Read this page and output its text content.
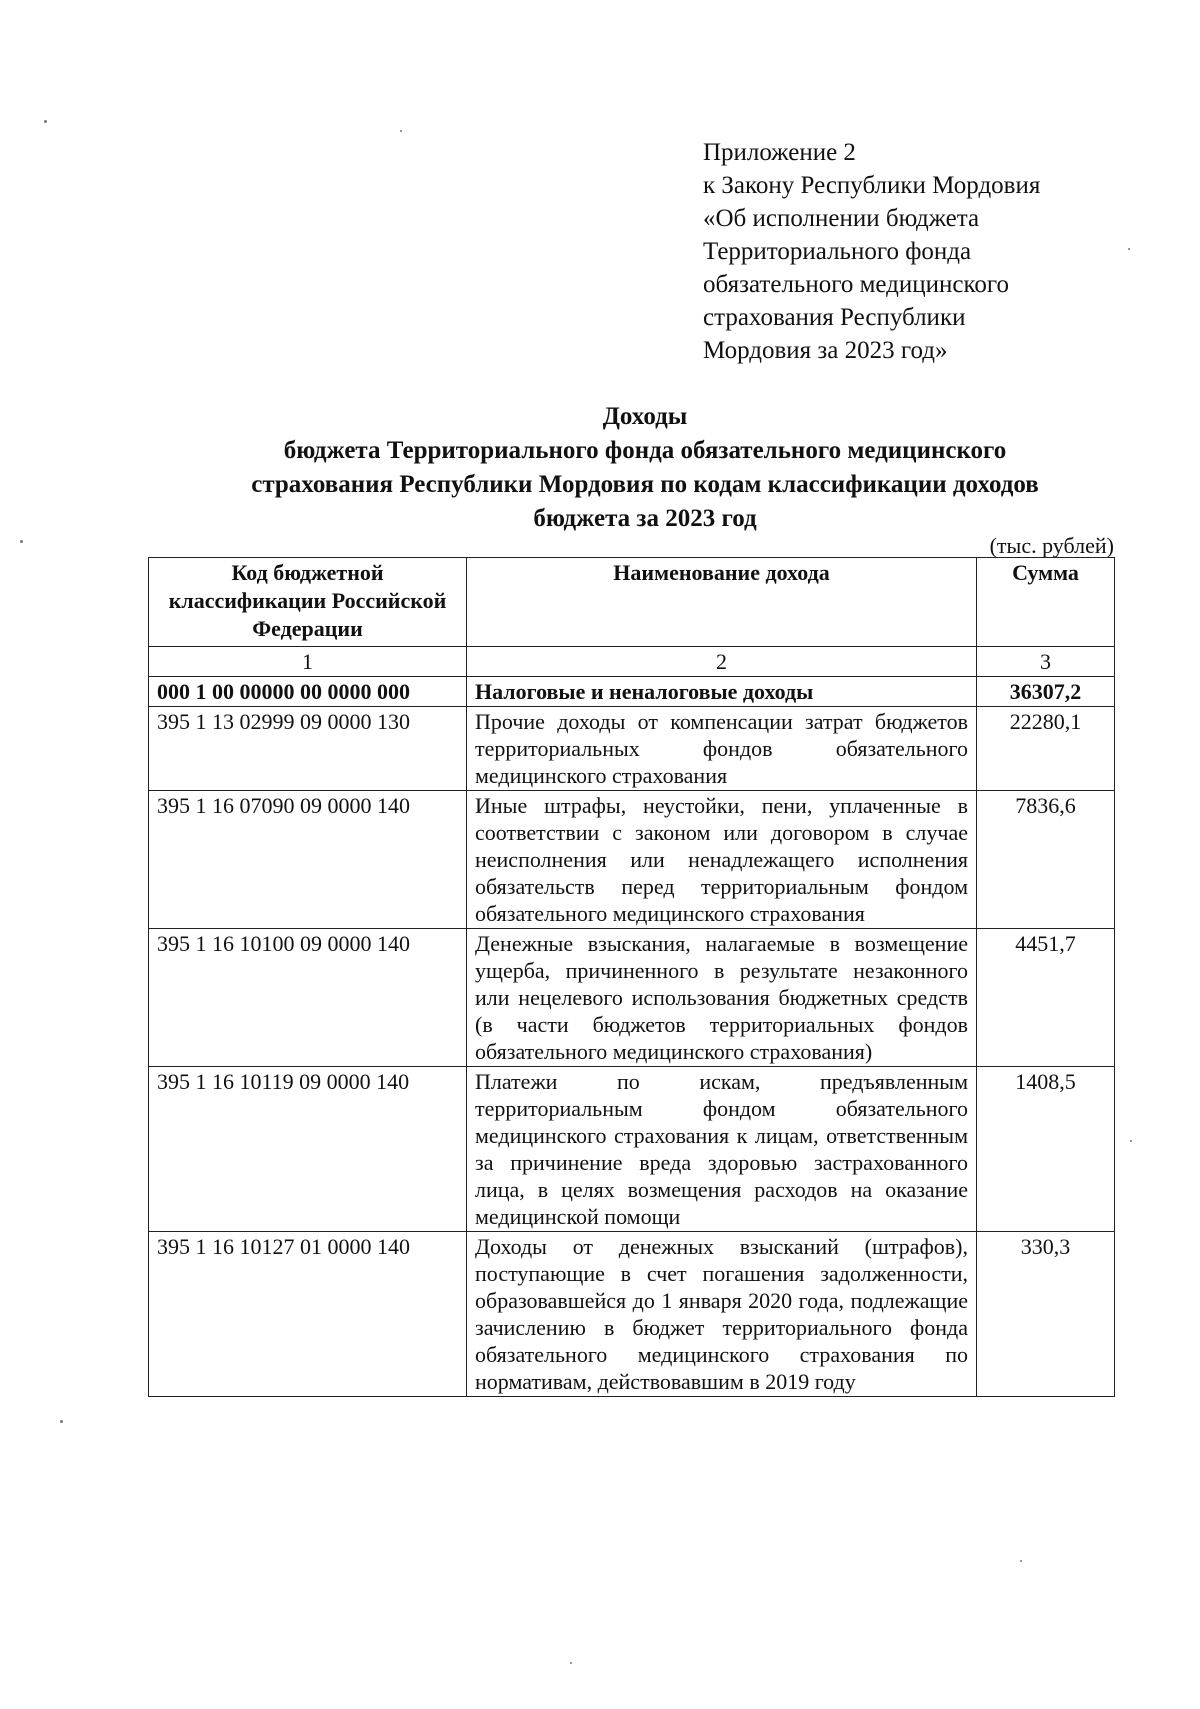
Приложение 2
к Закону Республики Мордовия
«Об исполнении бюджета
Территориального фонда
обязательного медицинского
страхования Республики
Мордовия за 2023 год»
Доходы
бюджета Территориального фонда обязательного медицинского
страхования Республики Мордовия по кодам классификации доходов
бюджета за 2023 год
(тыс. рублей)
Код бюджетной классификации Российской Федерации	Наименование дохода	Сумма
1	2	3
000 1 00 00000 00 0000 000	Налоговые и неналоговые доходы	36307,2
395 1 13 02999 09 0000 130	Прочие доходы от компенсации затрат бюджетов территориальных фондов обязательного медицинского страхования	22280,1
395 1 16 07090 09 0000 140	Иные штрафы, неустойки, пени, уплаченные в соответствии с законом или договором в случае неисполнения или ненадлежащего исполнения обязательств перед территориальным фондом обязательного медицинского страхования	7836,6
395 1 16 10100 09 0000 140	Денежные взыскания, налагаемые в возмещение ущерба, причиненного в результате незаконного или нецелевого использования бюджетных средств (в части бюджетов территориальных фондов обязательного медицинского страхования)	4451,7
395 1 16 10119 09 0000 140	Платежи по искам, предъявленным территориальным фондом обязательного медицинского страхования к лицам, ответственным за причинение вреда здоровью застрахованного лица, в целях возмещения расходов на оказание медицинской помощи	1408,5
395 1 16 10127 01 0000 140	Доходы от денежных взысканий (штрафов), поступающие в счет погашения задолженности, образовавшейся до 1 января 2020 года, подлежащие зачислению в бюджет территориального фонда обязательного медицинского страхования по нормативам, действовавшим в 2019 году	330,3
